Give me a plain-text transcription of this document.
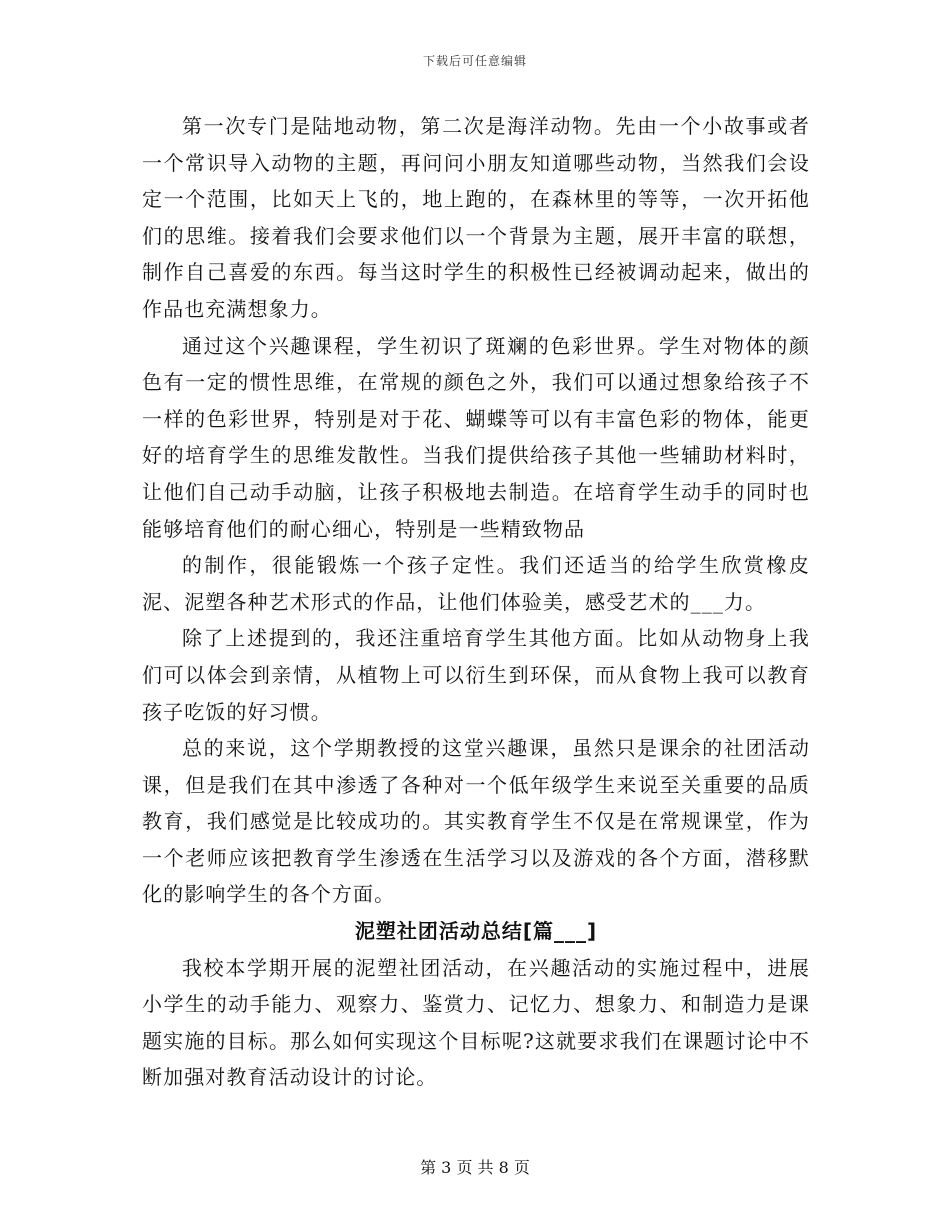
下载后可任意编辑

第一次专门是陆地动物，第二次是海洋动物。先由一个小故事或者一个常识导入动物的主题，再问问小朋友知道哪些动物，当然我们会设定一个范围，比如天上飞的，地上跑的，在森林里的等等，一次开拓他们的思维。接着我们会要求他们以一个背景为主题，展开丰富的联想，制作自己喜爱的东西。每当这时学生的积极性已经被调动起来，做出的作品也充满想象力。

通过这个兴趣课程，学生初识了斑斓的色彩世界。学生对物体的颜色有一定的惯性思维，在常规的颜色之外，我们可以通过想象给孩子不一样的色彩世界，特别是对于花、蝴蝶等可以有丰富色彩的物体，能更好的培育学生的思维发散性。当我们提供给孩子其他一些辅助材料时，让他们自己动手动脑，让孩子积极地去制造。在培育学生动手的同时也能够培育他们的耐心细心，特别是一些精致物品

的制作，很能锻炼一个孩子定性。我们还适当的给学生欣赏橡皮泥、泥塑各种艺术形式的作品，让他们体验美，感受艺术的___力。

除了上述提到的，我还注重培育学生其他方面。比如从动物身上我们可以体会到亲情，从植物上可以衍生到环保，而从食物上我可以教育孩子吃饭的好习惯。

总的来说，这个学期教授的这堂兴趣课，虽然只是课余的社团活动课，但是我们在其中渗透了各种对一个低年级学生来说至关重要的品质教育，我们感觉是比较成功的。其实教育学生不仅是在常规课堂，作为一个老师应该把教育学生渗透在生活学习以及游戏的各个方面，潜移默化的影响学生的各个方面。

泥塑社团活动总结[篇___]

我校本学期开展的泥塑社团活动，在兴趣活动的实施过程中，进展小学生的动手能力、观察力、鉴赏力、记忆力、想象力、和制造力是课题实施的目标。那么如何实现这个目标呢?这就要求我们在课题讨论中不断加强对教育活动设计的讨论。

第 3 页 共 8 页
